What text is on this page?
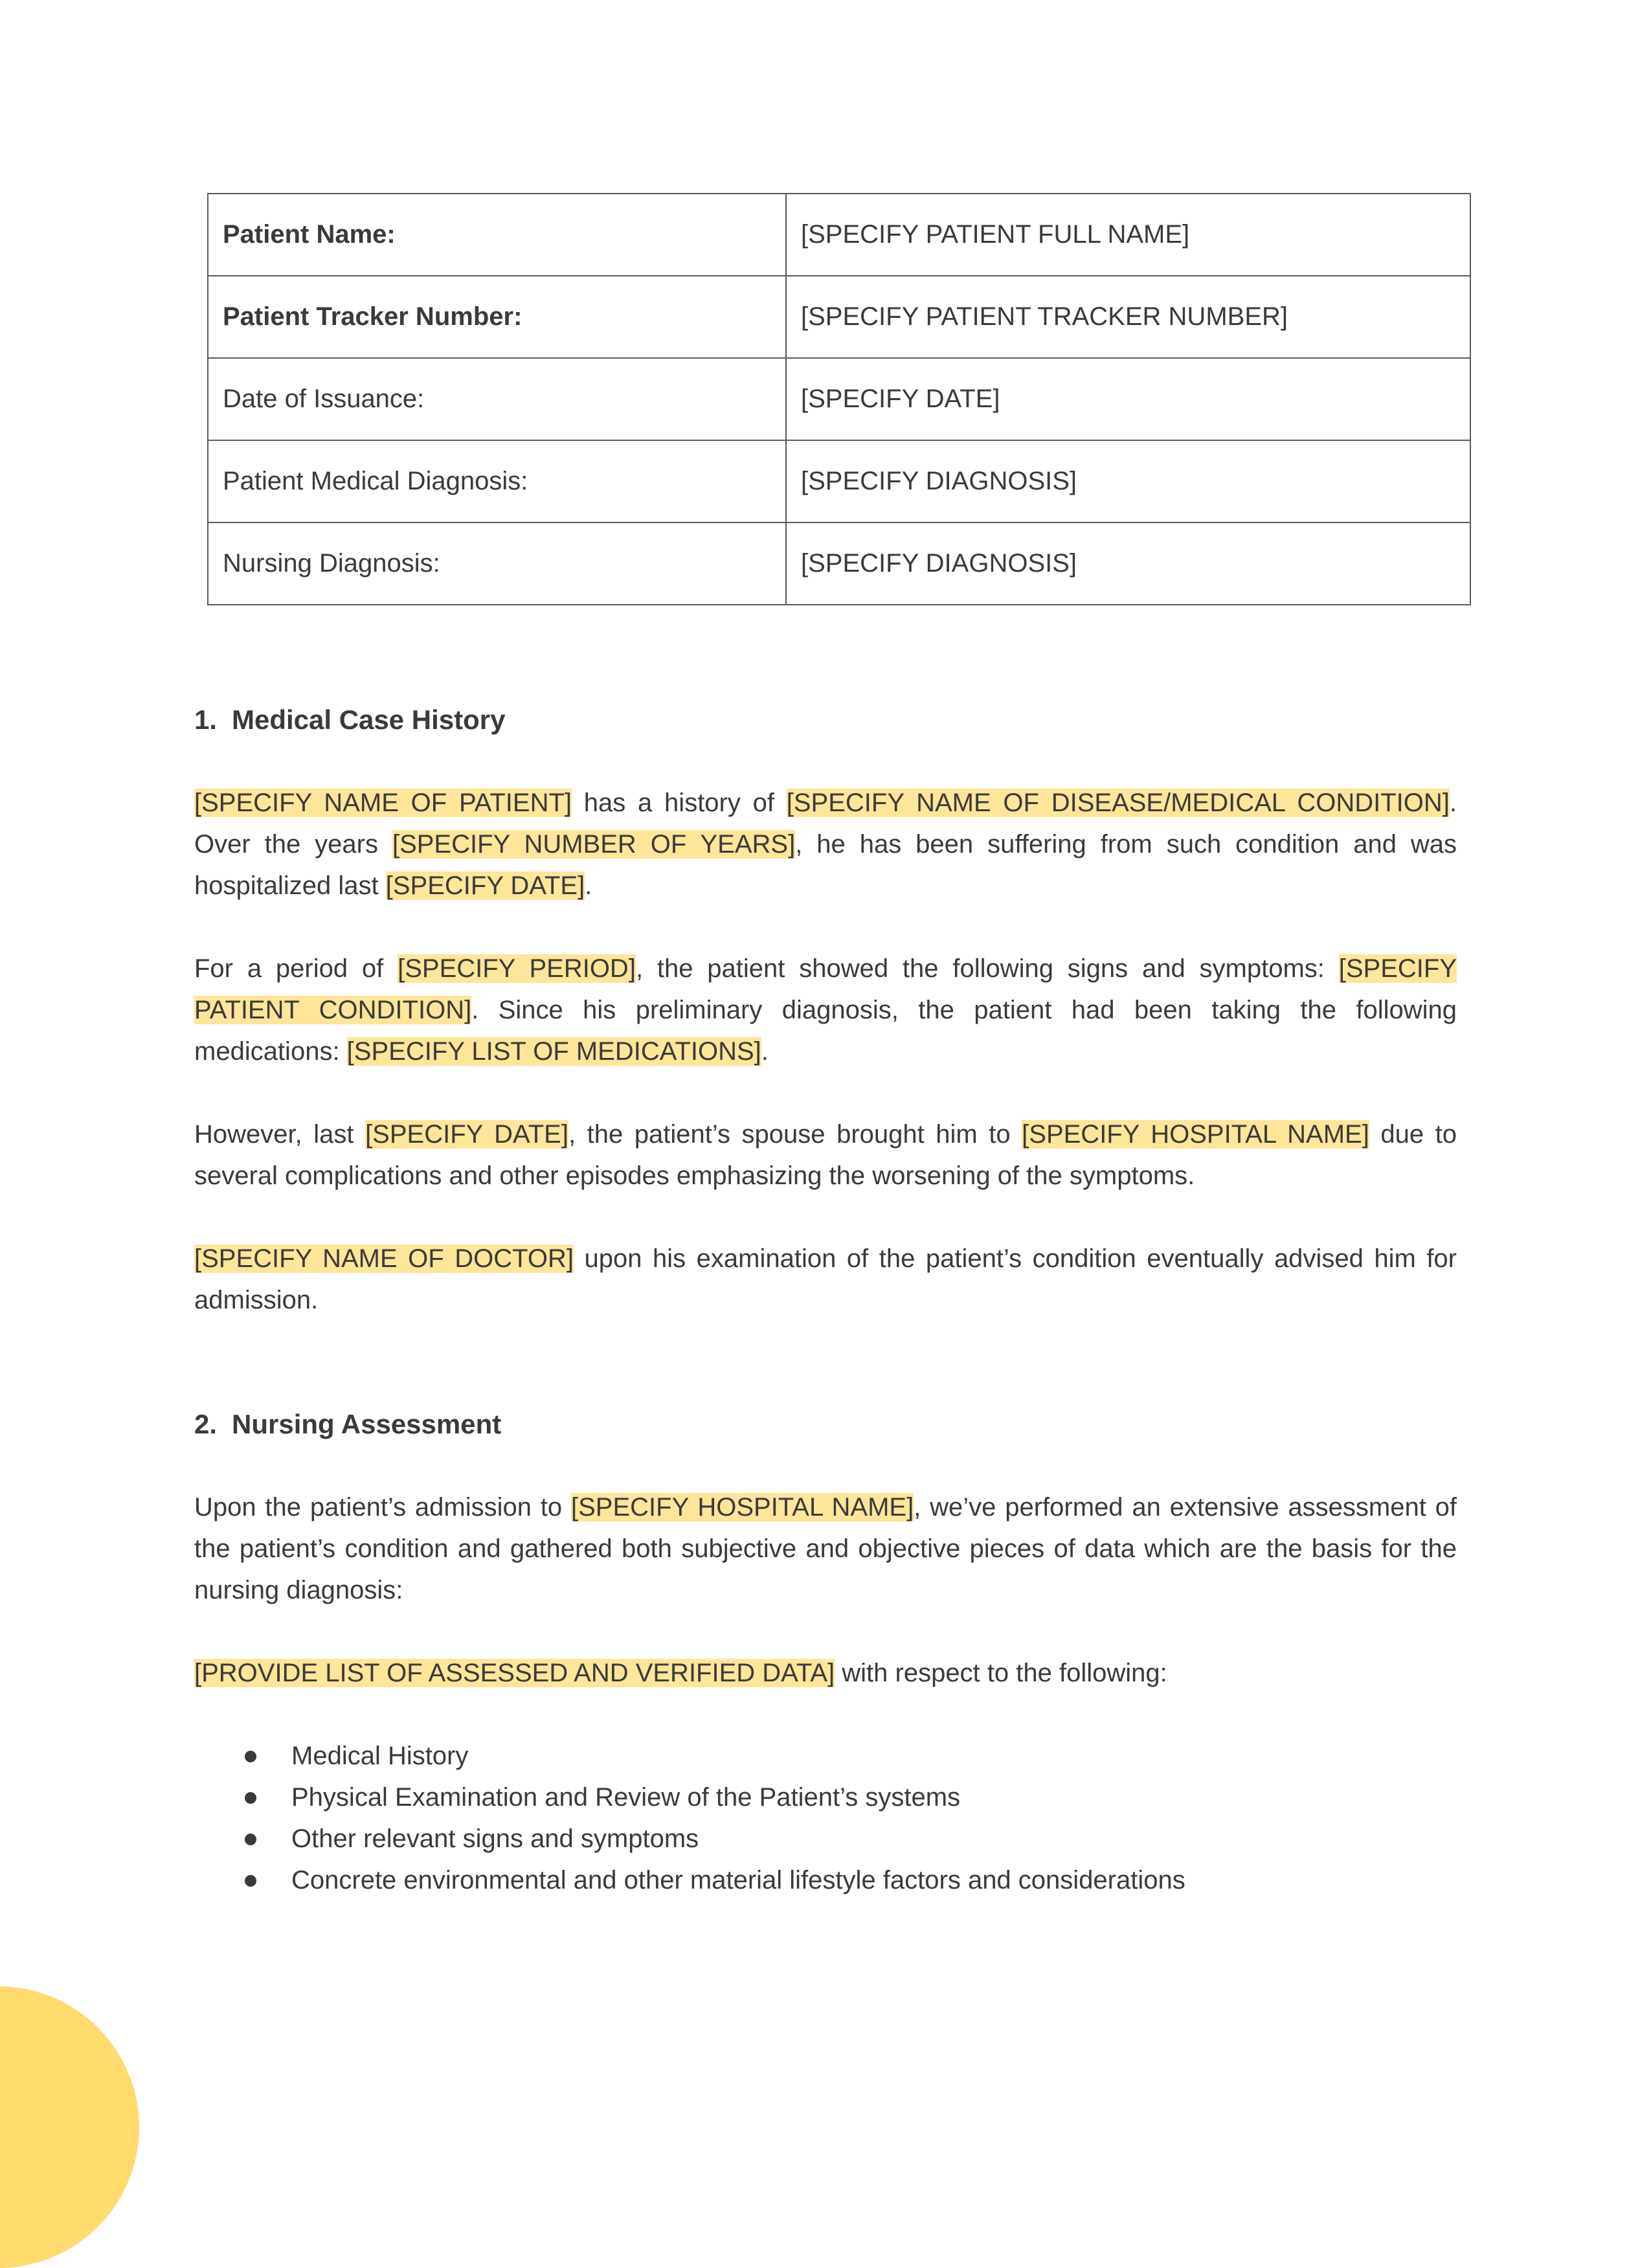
Patient Name:	[SPECIFY PATIENT FULL NAME]
Patient Tracker Number:	[SPECIFY PATIENT TRACKER NUMBER]
Date of Issuance:	[SPECIFY DATE]
Patient Medical Diagnosis:	[SPECIFY DIAGNOSIS]
Nursing Diagnosis:	[SPECIFY DIAGNOSIS]
1. Medical Case History

[SPECIFY NAME OF PATIENT] has a history of [SPECIFY NAME OF DISEASE/MEDICAL CONDITION]. Over the years [SPECIFY NUMBER OF YEARS], he has been suffering from such condition and was hospitalized last [SPECIFY DATE].

For a period of [SPECIFY PERIOD], the patient showed the following signs and symptoms: [SPECIFY PATIENT CONDITION]. Since his preliminary diagnosis, the patient had been taking the following medications: [SPECIFY LIST OF MEDICATIONS].

However, last [SPECIFY DATE], the patient’s spouse brought him to [SPECIFY HOSPITAL NAME] due to several complications and other episodes emphasizing the worsening of the symptoms.

[SPECIFY NAME OF DOCTOR] upon his examination of the patient’s condition eventually advised him for admission.

2. Nursing Assessment

Upon the patient’s admission to [SPECIFY HOSPITAL NAME], we’ve performed an extensive assessment of the patient’s condition and gathered both subjective and objective pieces of data which are the basis for the nursing diagnosis:

[PROVIDE LIST OF ASSESSED AND VERIFIED DATA] with respect to the following:

Medical History
Physical Examination and Review of the Patient’s systems
Other relevant signs and symptoms
Concrete environmental and other material lifestyle factors and considerations
